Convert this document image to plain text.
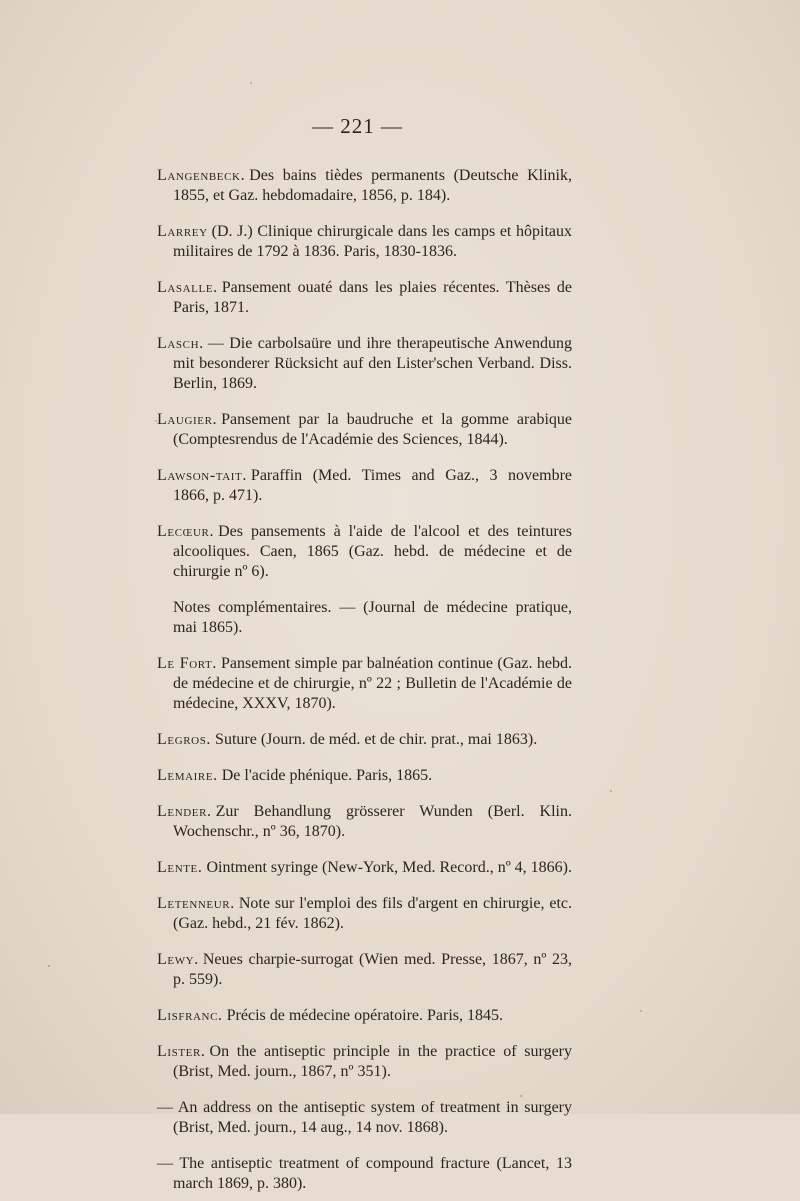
— 221 —

Langenbeck. Des bains tièdes permanents (Deutsche Klinik, 1855, et Gaz. hebdomadaire, 1856, p. 184).

Larrey (D. J.) Clinique chirurgicale dans les camps et hôpitaux militaires de 1792 à 1836. Paris, 1830-1836.

Lasalle. Pansement ouaté dans les plaies récentes. Thèses de Paris, 1871.

Lasch. — Die carbolsaüre und ihre therapeutische Anwendung mit besonderer Rücksicht auf den Lister'schen Verband. Diss. Berlin, 1869.

Laugier. Pansement par la baudruche et la gomme arabique (Comptesrendus de l'Académie des Sciences, 1844).

Lawson-tait. Paraffin (Med. Times and Gaz., 3 novembre 1866, p. 471).

Lecœur. Des pansements à l'aide de l'alcool et des teintures alcooliques. Caen, 1865 (Gaz. hebd. de médecine et de chirurgie nº 6).

Notes complémentaires. — (Journal de médecine pratique, mai 1865).

Le Fort. Pansement simple par balnéation continue (Gaz. hebd. de médecine et de chirurgie, nº 22 ; Bulletin de l'Académie de médecine, XXXV, 1870).

Legros. Suture (Journ. de méd. et de chir. prat., mai 1863).

Lemaire. De l'acide phénique. Paris, 1865.

Lender. Zur Behandlung grösserer Wunden (Berl. Klin. Wochenschr., nº 36, 1870).

Lente. Ointment syringe (New-York, Med. Record., nº 4, 1866).

Letenneur. Note sur l'emploi des fils d'argent en chirurgie, etc. (Gaz. hebd., 21 fév. 1862).

Lewy. Neues charpie-surrogat (Wien med. Presse, 1867, nº 23, p. 559).

Lisfranc. Précis de médecine opératoire. Paris, 1845.

Lister. On the antiseptic principle in the practice of surgery (Brist, Med. journ., 1867, nº 351).

— An address on the antiseptic system of treatment in surgery (Brist, Med. journ., 14 aug., 14 nov. 1868).

— The antiseptic treatment of compound fracture (Lancet, 13 march 1869, p. 380).
